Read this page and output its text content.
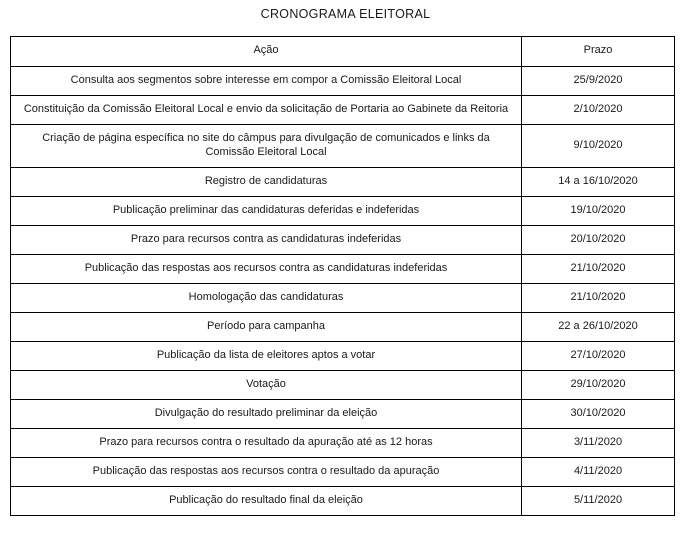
CRONOGRAMA ELEITORAL
Ação	Prazo
Consulta aos segmentos sobre interesse em compor a Comissão Eleitoral Local	25/9/2020
Constituição da Comissão Eleitoral Local e envio da solicitação de Portaria ao Gabinete da Reitoria	2/10/2020
Criação de página específica no site do câmpus para divulgação de comunicados e links da Comissão Eleitoral Local	9/10/2020
Registro de candidaturas	14 a 16/10/2020
Publicação preliminar das candidaturas deferidas e indeferidas	19/10/2020
Prazo para recursos contra as candidaturas indeferidas	20/10/2020
Publicação das respostas aos recursos contra as candidaturas indeferidas	21/10/2020
Homologação das candidaturas	21/10/2020
Período para campanha	22 a 26/10/2020
Publicação da lista de eleitores aptos a votar	27/10/2020
Votação	29/10/2020
Divulgação do resultado preliminar da eleição	30/10/2020
Prazo para recursos contra o resultado da apuração até as 12 horas	3/11/2020
Publicação das respostas aos recursos contra o resultado da apuração	4/11/2020
Publicação do resultado final da eleição	5/11/2020
